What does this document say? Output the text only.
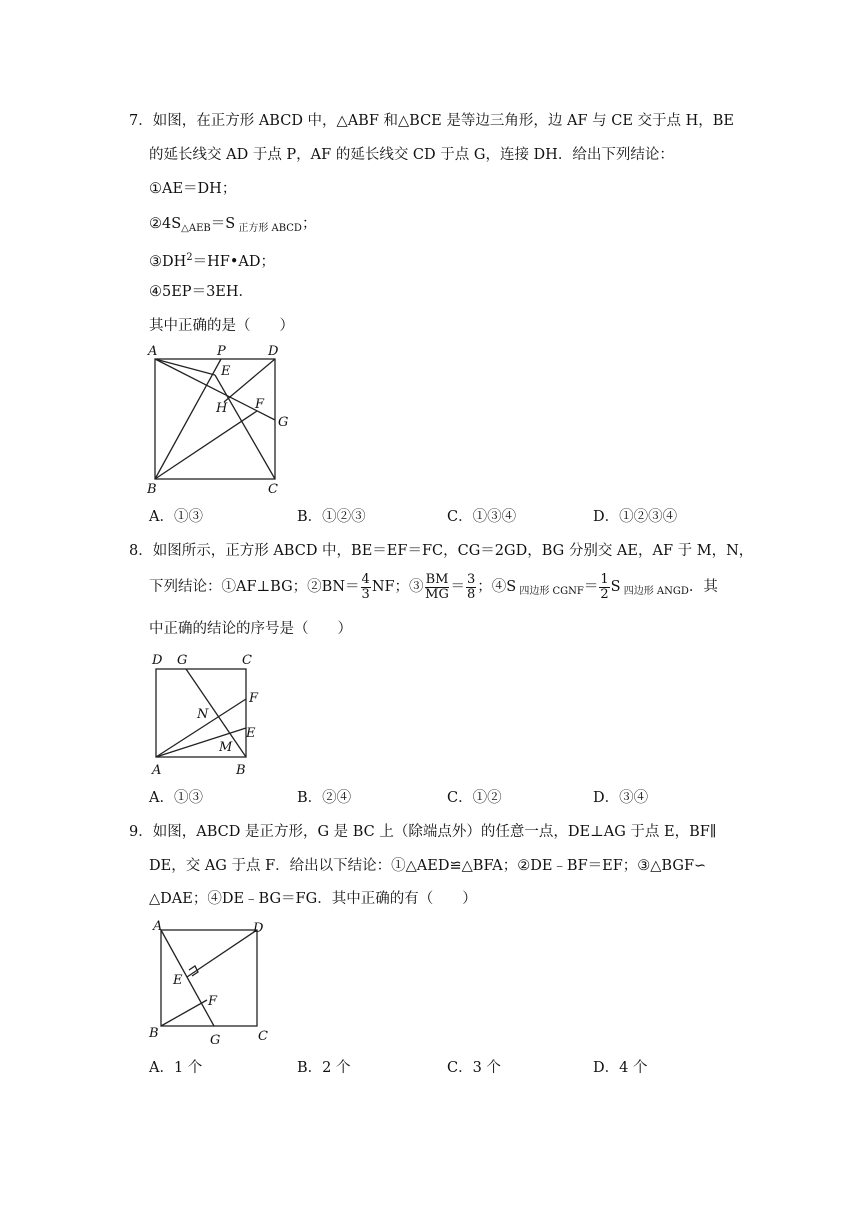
7．如图，在正方形 ABCD 中，△ABF 和△BCE 是等边三角形，边 AF 与 CE 交于点 H，BE
的延长线交 AD 于点 P，AF 的延长线交 CD 于点 G，连接 DH．给出下列结论：
①AE＝DH；
$②4S_{\triangle AEB}=S$ $_{正方形 ABCD}$；
$③DH^2=HF•AD$；
④5EP＝3EH．
其中正确的是（　　）
A	P	D
E
H F
G
B	C
A．①③	B．①②③	C．①③④	D．①②③④
8．如图所示，正方形 ABCD 中，BE＝EF＝FC，CG＝2GD，BG 分别交 AE，AF 于 M，N，
下列结论：①AF⊥BG；②BN＝ $\frac{4}{3}$ NF；③ $\frac{BM}{MG} = \frac{3}{8}$ ；④S $_{四边形 CGNF}= \frac{1}{2}$ S $_{四边形 ANGD}$．其
中正确的结论的序号是（　　）
D G	C
F
N
E
M
A	B
A．①③	B．②④	C．①②	D．③④
9．如图，ABCD 是正方形，G 是 BC 上（除端点外）的任意一点，DE⊥AG 于点 E，BF∥
DE，交 AG 于点 F．给出以下结论：①△AED≌△BFA；②DE﹣BF＝EF；③△BGF∽
△DAE；④DE﹣BG＝FG．其中正确的有（　　）
A	D
E
F
B	G	C
A．1 个	B．2 个	C．3 个	D．4 个
